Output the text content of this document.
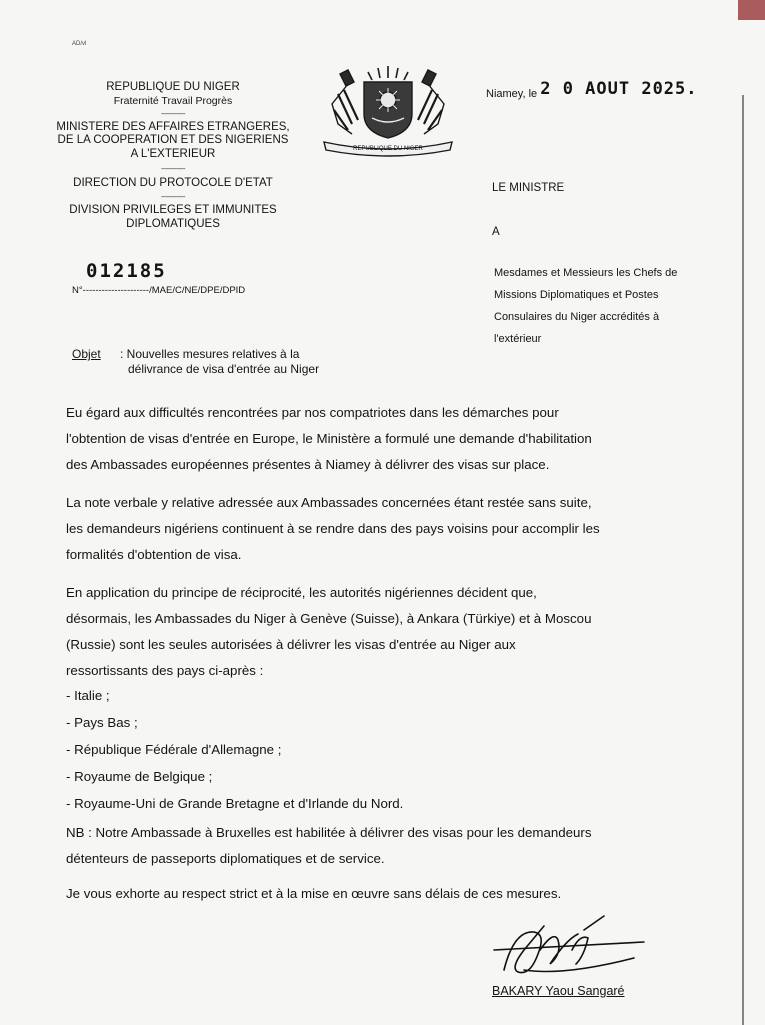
AD/vl
REPUBLIQUE DU NIGER
Fraternité Travail Progrès
-------------
MINISTERE DES AFFAIRES ETRANGERES,
DE LA COOPERATION ET DES NIGERIENS
A L'EXTERIEUR
-------------
DIRECTION DU PROTOCOLE D'ETAT
-------------
DIVISION PRIVILEGES ET IMMUNITES
DIPLOMATIQUES
REPUBLIQUE DU NIGER
Niamey, le 2 0 AOUT 2025.
LE MINISTRE
A
Mesdames et Messieurs les Chefs de
Missions Diplomatiques et Postes
Consulaires du Niger accrédités à
l'extérieur
012185
N°---------------------/MAE/C/NE/DPE/DPID
Objet : Nouvelles mesures relatives à la
délivrance de visa d'entrée au Niger
Eu égard aux difficultés rencontrées par nos compatriotes dans les démarches pour
l'obtention de visas d'entrée en Europe, le Ministère a formulé une demande d'habilitation
des Ambassades européennes présentes à Niamey à délivrer des visas sur place.
La note verbale y relative adressée aux Ambassades concernées étant restée sans suite,
les demandeurs nigériens continuent à se rendre dans des pays voisins pour accomplir les
formalités d'obtention de visa.
En application du principe de réciprocité, les autorités nigériennes décident que,
désormais, les Ambassades du Niger à Genève (Suisse), à Ankara (Türkiye) et à Moscou
(Russie) sont les seules autorisées à délivrer les visas d'entrée au Niger aux
ressortissants des pays ci-après :
- Italie ;
- Pays Bas ;
- République Fédérale d'Allemagne ;
- Royaume de Belgique ;
- Royaume-Uni de Grande Bretagne et d'Irlande du Nord.
NB : Notre Ambassade à Bruxelles est habilitée à délivrer des visas pour les demandeurs
détenteurs de passeports diplomatiques et de service.
Je vous exhorte au respect strict et à la mise en œuvre sans délais de ces mesures.
BAKARY Yaou Sangaré
